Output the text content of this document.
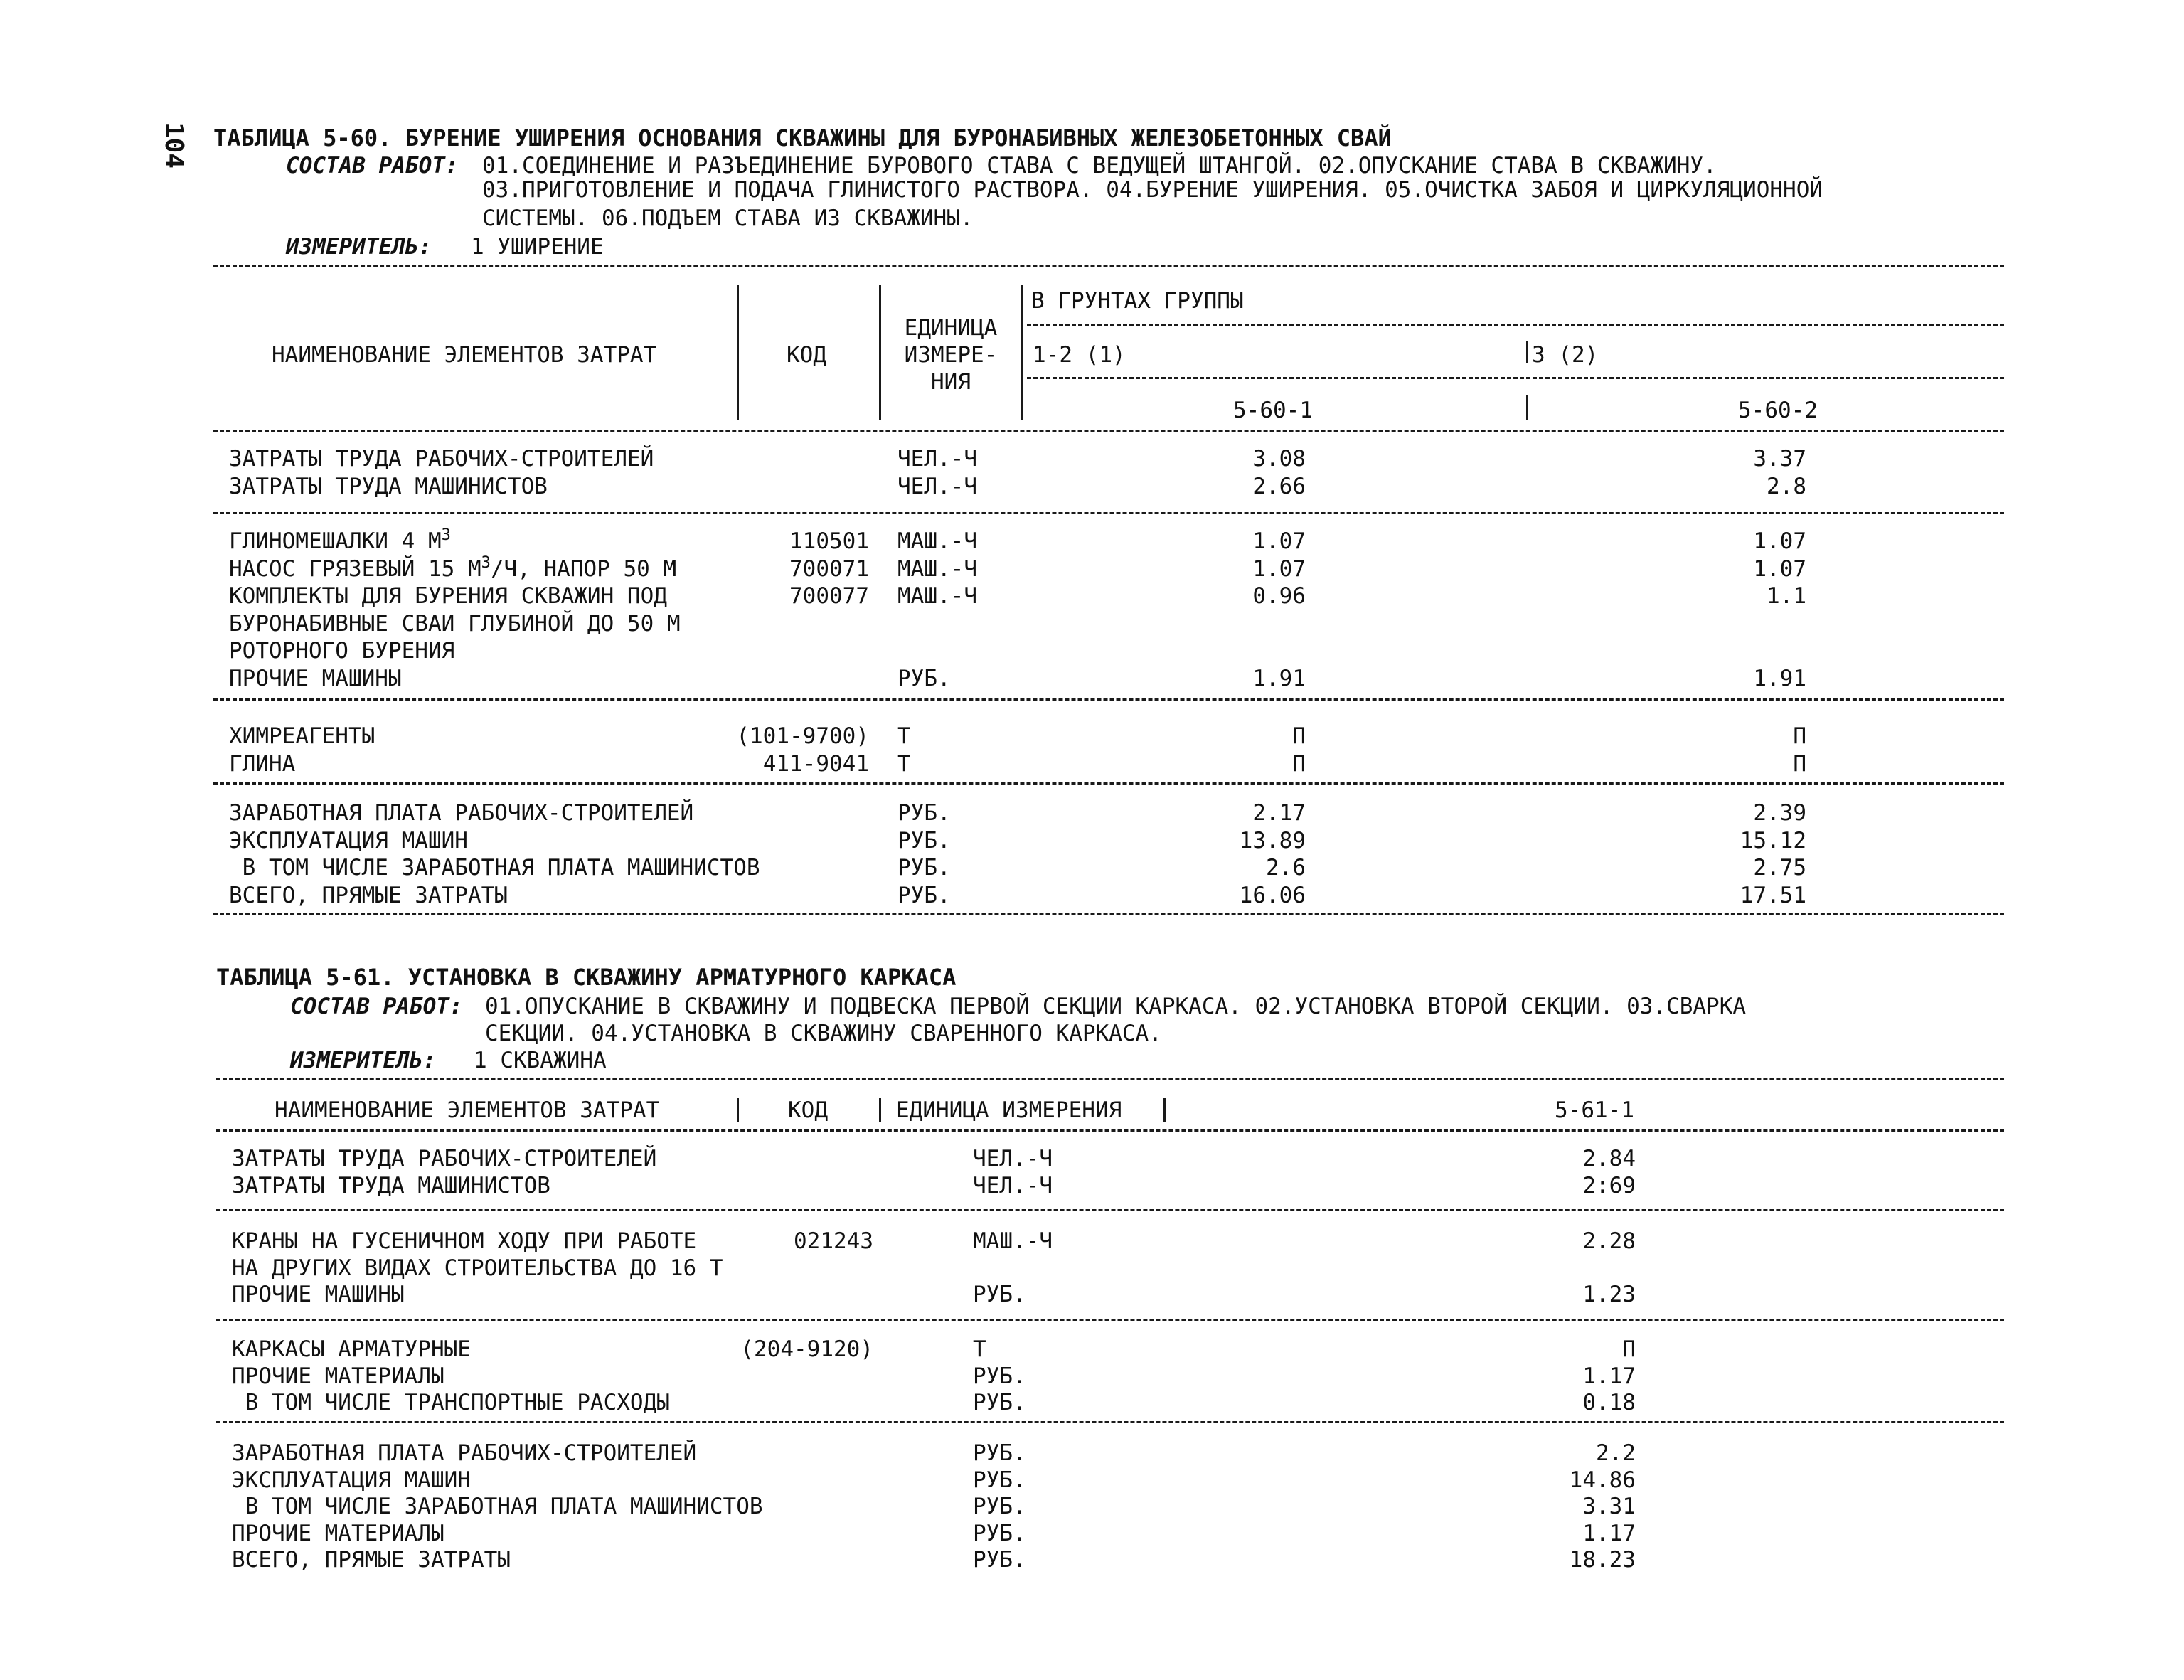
104 ТАБЛИЦА 5-60. БУРЕНИЕ УШИРЕНИЯ ОСНОВАНИЯ СКВАЖИНЫ ДЛЯ БУРОНАБИВНЫХ ЖЕЛЕЗОБЕТОННЫХ СВАЙ
СОСТАВ РАБОТ: 01.СОЕДИНЕНИЕ И РАЗЪЕДИНЕНИЕ БУРОВОГО СТАВА С ВЕДУЩЕЙ ШТАНГОЙ. 02.ОПУСКАНИЕ СТАВА В СКВАЖИНУ.
03.ПРИГОТОВЛЕНИЕ И ПОДАЧА ГЛИНИСТОГО РАСТВОРА. 04.БУРЕНИЕ УШИРЕНИЯ. 05.ОЧИСТКА ЗАБОЯ И ЦИРКУЛЯЦИОННОЙ
СИСТЕМЫ. 06.ПОДЪЕМ СТАВА ИЗ СКВАЖИНЫ.
ИЗМЕРИТЕЛЬ: 1 УШИРЕНИЕ
НАИМЕНОВАНИЕ ЭЛЕМЕНТОВ ЗАТРАТ	КОД
ЕДИНИЦА
ИЗМЕРЕ-
НИЯ
В ГРУНТАХ ГРУППЫ
1-2 (1)	3 (2)
5-60-1	5-60-2
ЗАТРАТЫ ТРУДА РАБОЧИХ-СТРОИТЕЛЕЙ	ЧЕЛ.-Ч	3.08	3.37
ЗАТРАТЫ ТРУДА МАШИНИСТОВ	ЧЕЛ.-Ч	2.66	2.8
ГЛИНОМЕШАЛКИ 4 $М^3$	110501 МАШ.-Ч	1.07	1.07
НАСОС ГРЯЗЕВЫЙ 15 $М^3/Ч$, НАПОР 50 М	700071 МАШ.-Ч	1.07	1.07
КОМПЛЕКТЫ ДЛЯ БУРЕНИЯ СКВАЖИН ПОД	700077 МАШ.-Ч	0.96	1.1
БУРОНАБИВНЫЕ СВАИ ГЛУБИНОЙ ДО 50 М
РОТОРНОГО БУРЕНИЯ
ПРОЧИЕ МАШИНЫ	РУБ.	1.91	1.91
ХИМРЕАГЕНТЫ	(101-9700) Т	П	П
ГЛИНА	411-9041 Т	П	П
ЗАРАБОТНАЯ ПЛАТА РАБОЧИХ-СТРОИТЕЛЕЙ	РУБ.	2.17	2.39
ЭКСПЛУАТАЦИЯ МАШИН	РУБ.	13.89	15.12
В ТОМ ЧИСЛЕ ЗАРАБОТНАЯ ПЛАТА МАШИНИСТОВ	РУБ.	2.6	2.75
ВСЕГО, ПРЯМЫЕ ЗАТРАТЫ	РУБ.	16.06	17.51
ТАБЛИЦА 5-61. УСТАНОВКА В СКВАЖИНУ АРМАТУРНОГО КАРКАСА
СОСТАВ РАБОТ: 01.ОПУСКАНИЕ В СКВАЖИНУ И ПОДВЕСКА ПЕРВОЙ СЕКЦИИ КАРКАСА. 02.УСТАНОВКА ВТОРОЙ СЕКЦИИ. 03.СВАРКА
СЕКЦИИ. 04.УСТАНОВКА В СКВАЖИНУ СВАРЕННОГО КАРКАСА.
ИЗМЕРИТЕЛЬ: 1 СКВАЖИНА
НАИМЕНОВАНИЕ ЭЛЕМЕНТОВ ЗАТРАТ	КОД	ЕДИНИЦА ИЗМЕРЕНИЯ	5-61-1
ЗАТРАТЫ ТРУДА РАБОЧИХ-СТРОИТЕЛЕЙ	ЧЕЛ.-Ч	2.84
ЗАТРАТЫ ТРУДА МАШИНИСТОВ	ЧЕЛ.-Ч	2:69
КРАНЫ НА ГУСЕНИЧНОМ ХОДУ ПРИ РАБОТЕ	021243	МАШ.-Ч	2.28
НА ДРУГИХ ВИДАХ СТРОИТЕЛЬСТВА ДО 16 Т
ПРОЧИЕ МАШИНЫ	РУБ.	1.23
КАРКАСЫ АРМАТУРНЫЕ	(204-9120)	Т	П
ПРОЧИЕ МАТЕРИАЛЫ	РУБ.	1.17
В ТОМ ЧИСЛЕ ТРАНСПОРТНЫЕ РАСХОДЫ	РУБ.	0.18
ЗАРАБОТНАЯ ПЛАТА РАБОЧИХ-СТРОИТЕЛЕЙ	РУБ.	2.2
ЭКСПЛУАТАЦИЯ МАШИН	РУБ.	14.86
В ТОМ ЧИСЛЕ ЗАРАБОТНАЯ ПЛАТА МАШИНИСТОВ	РУБ.	3.31
ПРОЧИЕ МАТЕРИАЛЫ	РУБ.	1.17
ВСЕГО, ПРЯМЫЕ ЗАТРАТЫ	РУБ.	18.23
